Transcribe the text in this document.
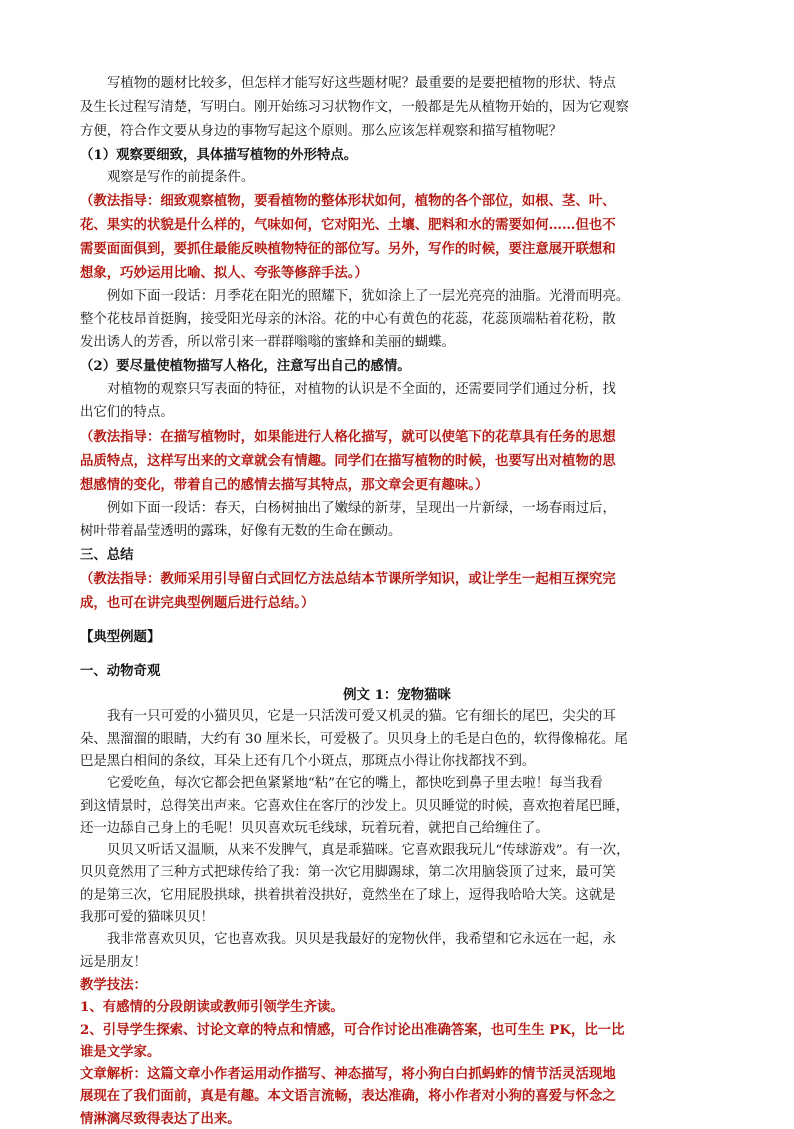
写植物的题材比较多，但怎样才能写好这些题材呢？最重要的是要把植物的形状、特点
及生长过程写清楚，写明白。刚开始练习习状物作文，一般都是先从植物开始的，因为它观察
方便，符合作文要从身边的事物写起这个原则。那么应该怎样观察和描写植物呢？
（1）观察要细致，具体描写植物的外形特点。
观察是写作的前提条件。
（教法指导：细致观察植物，要看植物的整体形状如何，植物的各个部位，如根、茎、叶、
花、果实的状貌是什么样的，气味如何，它对阳光、土壤、肥料和水的需要如何……但也不
需要面面俱到，要抓住最能反映植物特征的部位写。另外，写作的时候，要注意展开联想和
想象，巧妙运用比喻、拟人、夸张等修辞手法。）
例如下面一段话：月季花在阳光的照耀下，犹如涂上了一层光亮亮的油脂。光滑而明亮。
整个花枝昂首挺胸，接受阳光母亲的沐浴。花的中心有黄色的花蕊，花蕊顶端粘着花粉，散
发出诱人的芳香，所以常引来一群群嗡嗡的蜜蜂和美丽的蝴蝶。
（2）要尽量使植物描写人格化，注意写出自己的感情。
对植物的观察只写表面的特征，对植物的认识是不全面的，还需要同学们通过分析，找
出它们的特点。
（教法指导：在描写植物时，如果能进行人格化描写，就可以使笔下的花草具有任务的思想
品质特点，这样写出来的文章就会有情趣。同学们在描写植物的时候，也要写出对植物的思
想感情的变化，带着自己的感情去描写其特点，那文章会更有趣味。）
例如下面一段话：春天，白杨树抽出了嫩绿的新芽，呈现出一片新绿，一场春雨过后，
树叶带着晶莹透明的露珠，好像有无数的生命在颤动。
三、总结
（教法指导：教师采用引导留白式回忆方法总结本节课所学知识，或让学生一起相互探究完
成，也可在讲完典型例题后进行总结。）
【典型例题】
一、动物奇观
例文 1：宠物猫咪
我有一只可爱的小猫贝贝，它是一只活泼可爱又机灵的猫。它有细长的尾巴，尖尖的耳
朵、黑溜溜的眼睛，大约有 30 厘米长，可爱极了。贝贝身上的毛是白色的，软得像棉花。尾
巴是黑白相间的条纹，耳朵上还有几个小斑点，那斑点小得让你找都找不到。
它爱吃鱼，每次它都会把鱼紧紧地“粘”在它的嘴上，都快吃到鼻子里去啦！每当我看
到这情景时，总得笑出声来。它喜欢住在客厅的沙发上。贝贝睡觉的时候，喜欢抱着尾巴睡，
还一边舔自己身上的毛呢！贝贝喜欢玩毛线球，玩着玩着，就把自己给缠住了。
贝贝又听话又温顺，从来不发脾气，真是乖猫咪。它喜欢跟我玩儿“传球游戏”。有一次，
贝贝竟然用了三种方式把球传给了我：第一次它用脚踢球，第二次用脑袋顶了过来，最可笑
的是第三次，它用屁股拱球，拱着拱着没拱好，竟然坐在了球上，逗得我哈哈大笑。这就是
我那可爱的猫咪贝贝！
我非常喜欢贝贝，它也喜欢我。贝贝是我最好的宠物伙伴，我希望和它永远在一起，永
远是朋友！
教学技法：
1、有感情的分段朗读或教师引领学生齐读。
2、引导学生探索、讨论文章的特点和情感，可合作讨论出准确答案，也可生生 PK，比一比
谁是文学家。
文章解析：这篇文章小作者运用动作描写、神态描写，将小狗白白抓蚂蚱的情节活灵活现地
展现在了我们面前，真是有趣。本文语言流畅，表达准确，将小作者对小狗的喜爱与怀念之
情淋漓尽致得表达了出来。
